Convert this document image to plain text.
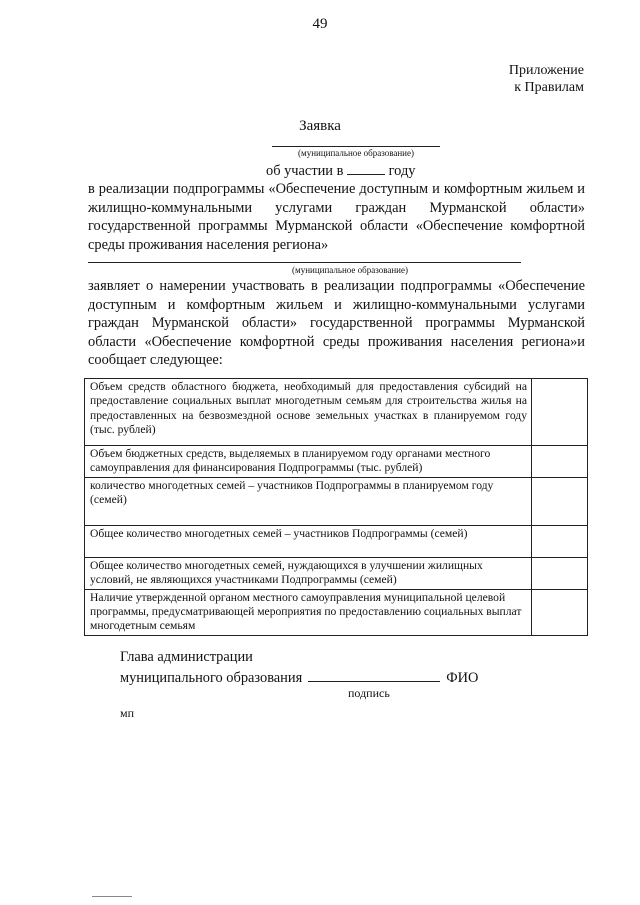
49
Приложение
к Правилам
Заявка
(муниципальное образование)
об участии в	году

в реализации подпрограммы «Обеспечение доступным и комфортным жильем и жилищно-коммунальными услугами граждан Мурманской области» государственной программы Мурманской области «Обеспечение комфортной среды проживания населения региона»

(муниципальное образование)

заявляет о намерении участвовать в реализации подпрограммы «Обеспечение доступным и комфортным жильем и жилищно-коммунальными услугами граждан Мурманской области» государственной программы Мурманской области «Обеспечение комфортной среды проживания населения региона»и сообщает следующее:

Объем средств областного бюджета, необходимый для предоставления субсидий на предоставление социальных выплат многодетным семьям для строительства жилья на предоставленных на безвозмездной основе земельных участках в планируемом году (тыс. рублей)	
Объем бюджетных средств, выделяемых в планируемом году органами местного самоуправления для финансирования Подпрограммы (тыс. рублей)	
количество многодетных семей – участников Подпрограммы в планируемом году (семей)	
Общее количество многодетных семей – участников Подпрограммы (семей)	
Общее количество многодетных семей, нуждающихся в улучшении жилищных условий, не являющихся участниками Подпрограммы (семей)	
Наличие утвержденной органом местного самоуправления муниципальной целевой программы, предусматривающей мероприятия по предоставлению социальных выплат многодетным семьям	
Глава администрации
муниципального образования	ФИО
подпись
мп
